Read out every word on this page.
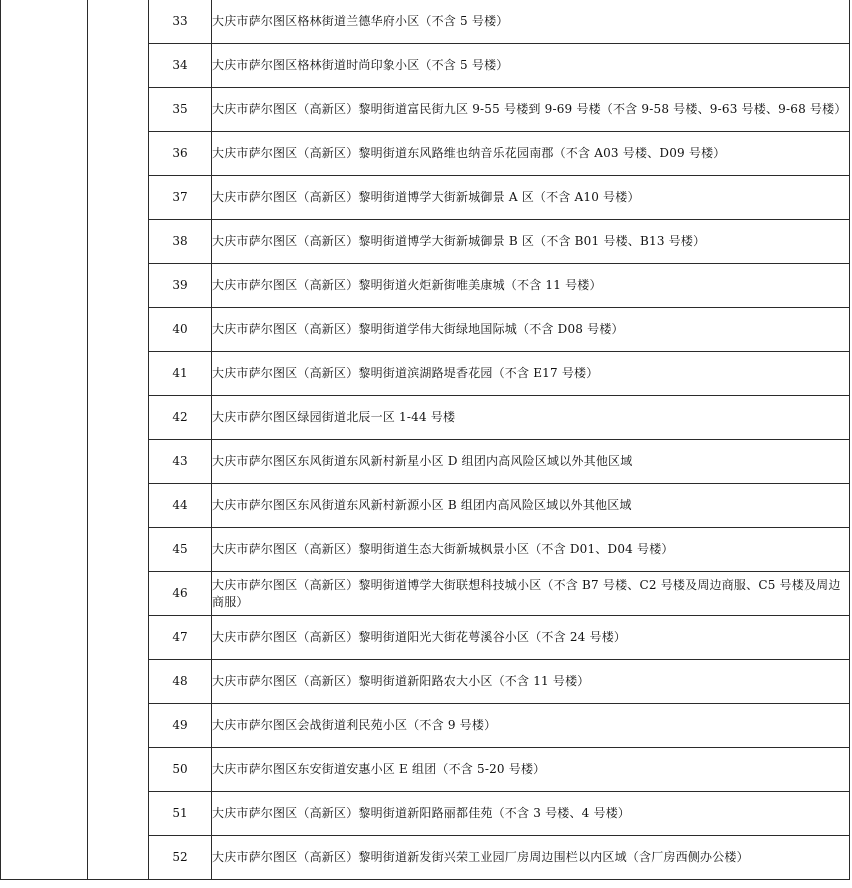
		33	大庆市萨尔图区格林街道兰德华府小区（不含 5 号楼）
		34	大庆市萨尔图区格林街道时尚印象小区（不含 5 号楼）
		35	大庆市萨尔图区（高新区）黎明街道富民街九区 9-55 号楼到 9-69 号楼（不含 9-58 号楼、9-63 号楼、9-68 号楼）
		36	大庆市萨尔图区（高新区）黎明街道东风路维也纳音乐花园南郡（不含 A03 号楼、D09 号楼）
		37	大庆市萨尔图区（高新区）黎明街道博学大街新城御景 A 区（不含 A10 号楼）
		38	大庆市萨尔图区（高新区）黎明街道博学大街新城御景 B 区（不含 B01 号楼、B13 号楼）
		39	大庆市萨尔图区（高新区）黎明街道火炬新街唯美康城（不含 11 号楼）
		40	大庆市萨尔图区（高新区）黎明街道学伟大街绿地国际城（不含 D08 号楼）
		41	大庆市萨尔图区（高新区）黎明街道滨湖路堤香花园（不含 E17 号楼）
		42	大庆市萨尔图区绿园街道北辰一区 1-44 号楼
		43	大庆市萨尔图区东风街道东风新村新星小区 D 组团内高风险区域以外其他区域
		44	大庆市萨尔图区东风街道东风新村新源小区 B 组团内高风险区域以外其他区域
		45	大庆市萨尔图区（高新区）黎明街道生态大街新城枫景小区（不含 D01、D04 号楼）
		46	大庆市萨尔图区（高新区）黎明街道博学大街联想科技城小区（不含 B7 号楼、C2 号楼及周边商服、C5 号楼及周边商服）
		47	大庆市萨尔图区（高新区）黎明街道阳光大街花萼溪谷小区（不含 24 号楼）
		48	大庆市萨尔图区（高新区）黎明街道新阳路农大小区（不含 11 号楼）
		49	大庆市萨尔图区会战街道利民苑小区（不含 9 号楼）
		50	大庆市萨尔图区东安街道安惠小区 E 组团（不含 5-20 号楼）
		51	大庆市萨尔图区（高新区）黎明街道新阳路丽都佳苑（不含 3 号楼、4 号楼）
		52	大庆市萨尔图区（高新区）黎明街道新发街兴荣工业园厂房周边围栏以内区域（含厂房西侧办公楼）
